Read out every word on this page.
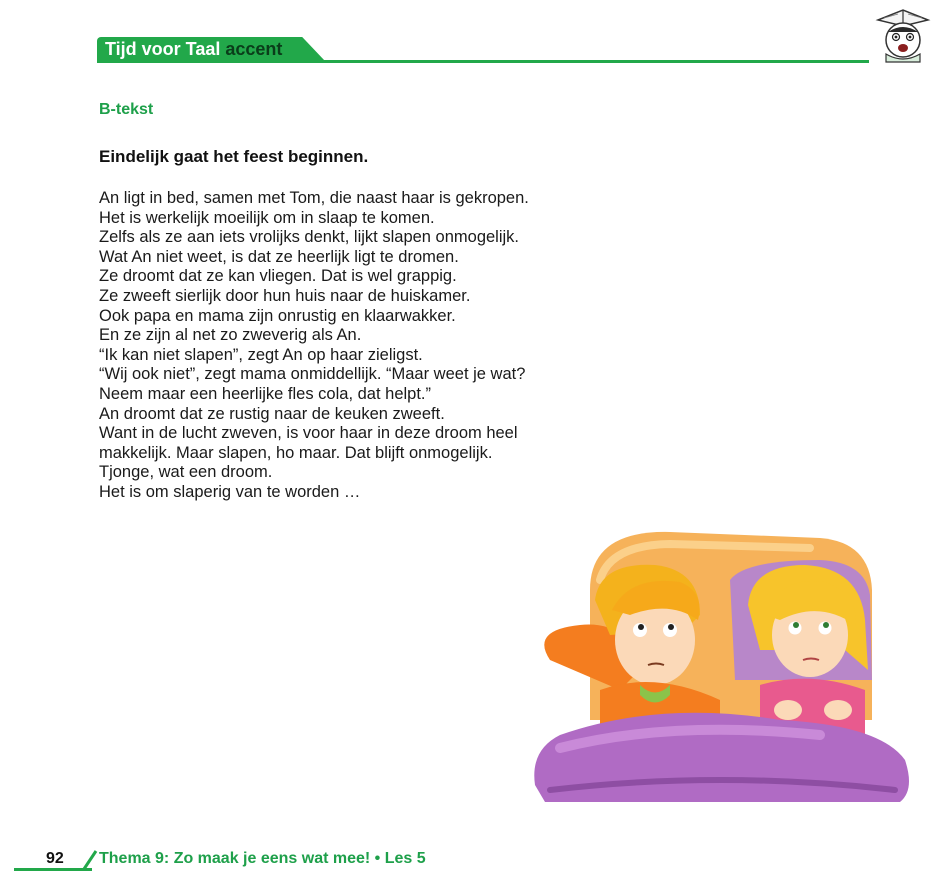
Tijd voor Taal accent
B-tekst
Eindelijk gaat het feest beginnen.
An ligt in bed, samen met Tom, die naast haar is gekropen.
Het is werkelijk moeilijk om in slaap te komen.
Zelfs als ze aan iets vrolijks denkt, lijkt slapen onmogelijk.
Wat An niet weet, is dat ze heerlijk ligt te dromen.
Ze droomt dat ze kan vliegen. Dat is wel grappig.
Ze zweeft sierlijk door hun huis naar de huiskamer.
Ook papa en mama zijn onrustig en klaarwakker.
En ze zijn al net zo zweverig als An.
“Ik kan niet slapen”, zegt An op haar zieligst.
“Wij ook niet”, zegt mama onmiddellijk. “Maar weet je wat?
Neem maar een heerlijke fles cola, dat helpt.”
An droomt dat ze rustig naar de keuken zweeft.
Want in de lucht zweven, is voor haar in deze droom heel
makkelijk. Maar slapen, ho maar. Dat blijft onmogelijk.
Tjonge, wat een droom.
Het is om slaperig van te worden …
92 Thema 9: Zo maak je eens wat mee! • Les 5
